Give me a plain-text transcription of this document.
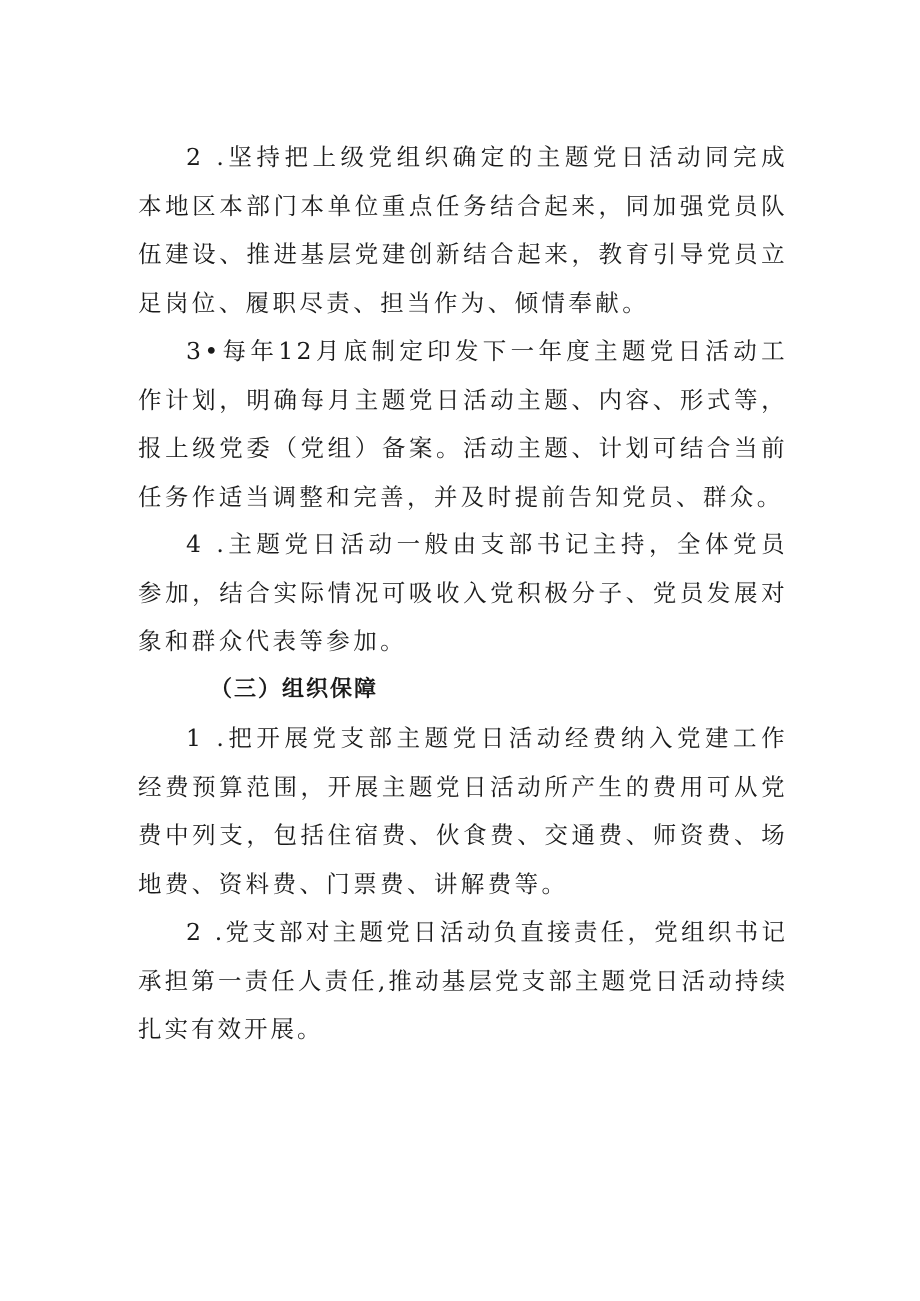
2 .坚持把上级党组织确定的主题党日活动同完成本地区本部门本单位重点任务结合起来，同加强党员队伍建设、推进基层党建创新结合起来，教育引导党员立足岗位、履职尽责、担当作为、倾情奉献。

3•每年12月底制定印发下一年度主题党日活动工作计划，明确每月主题党日活动主题、内容、形式等，报上级党委（党组）备案。活动主题、计划可结合当前任务作适当调整和完善，并及时提前告知党员、群众。

4 .主题党日活动一般由支部书记主持，全体党员参加，结合实际情况可吸收入党积极分子、党员发展对象和群众代表等参加。

（三）组织保障

1 .把开展党支部主题党日活动经费纳入党建工作经费预算范围，开展主题党日活动所产生的费用可从党费中列支，包括住宿费、伙食费、交通费、师资费、场地费、资料费、门票费、讲解费等。

2 .党支部对主题党日活动负直接责任，党组织书记承担第一责任人责任,推动基层党支部主题党日活动持续扎实有效开展。
